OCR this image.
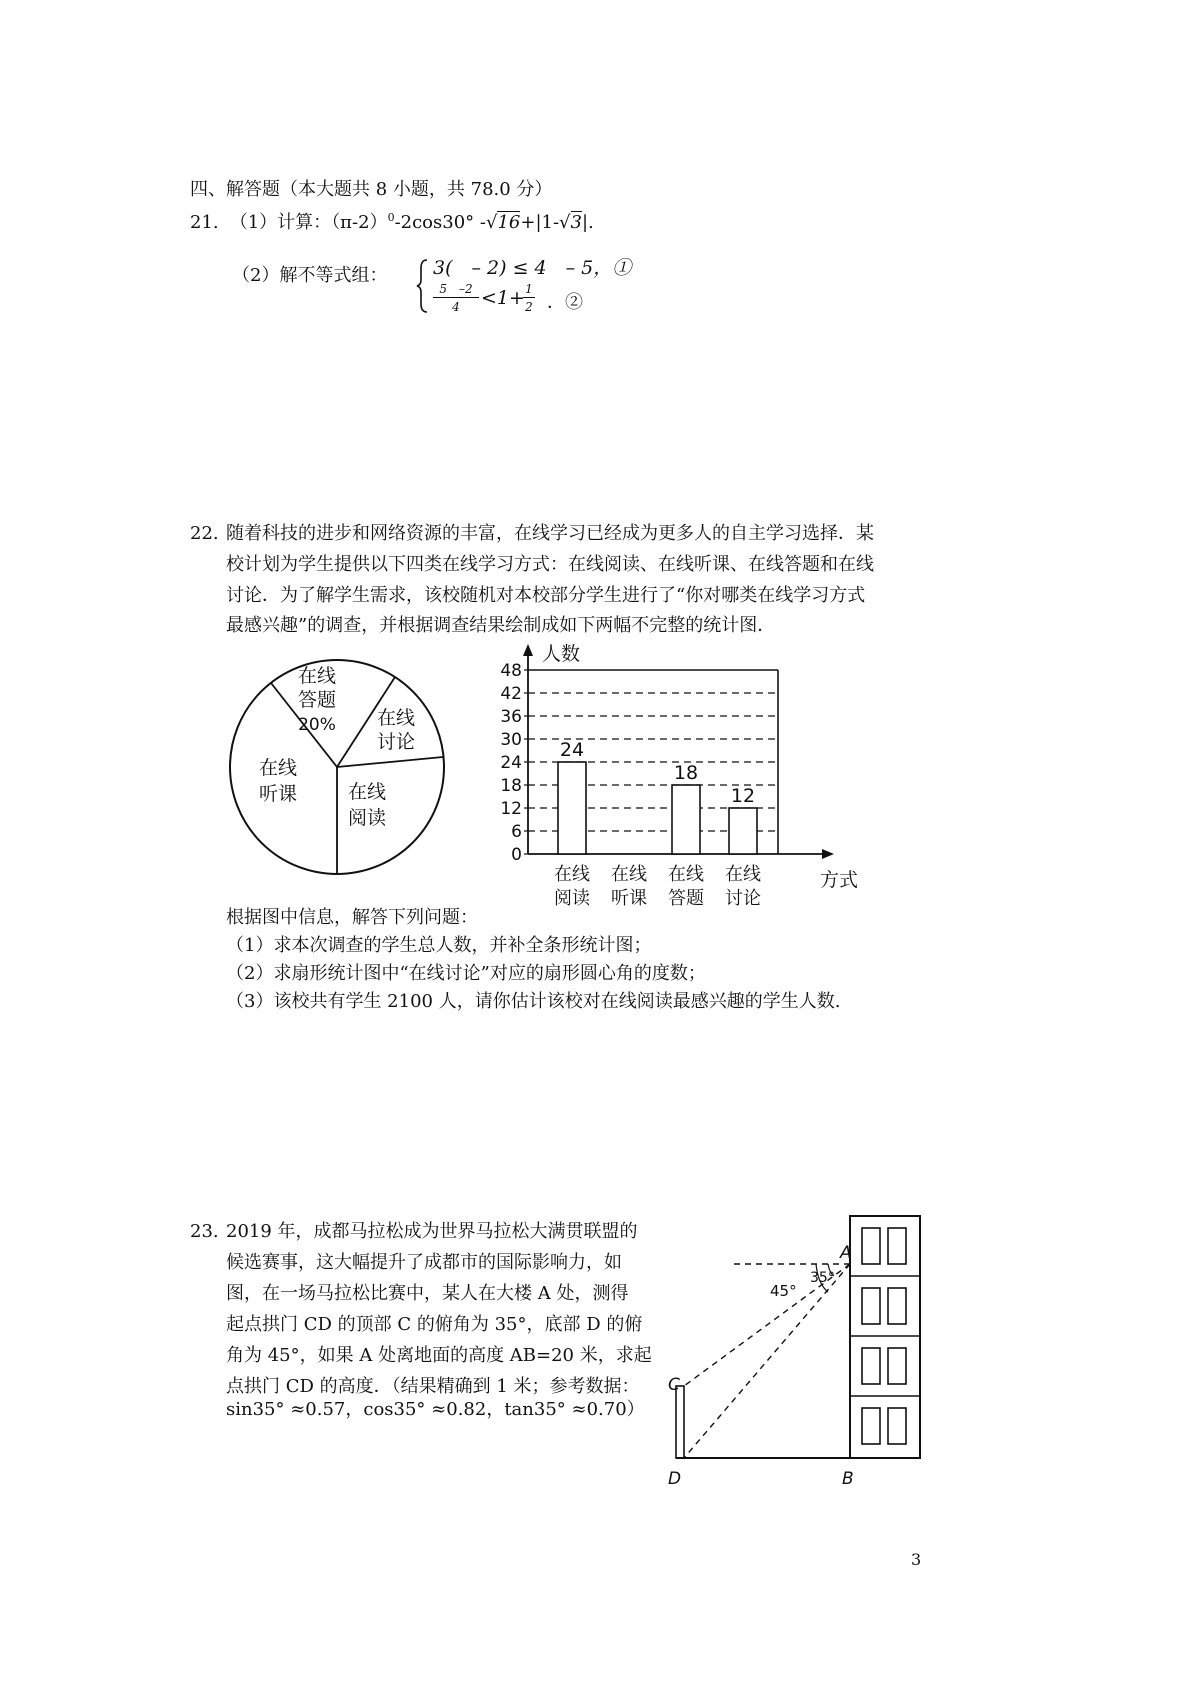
四、解答题（本大题共 8 小题，共 78.0 分）
21. （1）计算：$(\pi-2)^0-2\cos 30^\circ$ -√16+|1-√3|.
（2）解不等式组： 3(　– 2) ≤ 4　– 5，①
5　–2
4	<1+ 1
2 ．②
22. 随着科技的进步和网络资源的丰富，在线学习已经成为更多人的自主学习选择．某
校计划为学生提供以下四类在线学习方式：在线阅读、在线听课、在线答题和在线
讨论．为了解学生需求，该校随机对本校部分学生进行了“你对哪类在线学习方式
最感兴趣”的调查，并根据调查结果绘制成如下两幅不完整的统计图．
在线
答题
20% 在线
讨论
在线
阅读
在线
听课
0
6
12
18
24
30
36
42
48
人数
方式
24
在线
阅读
在线
听课
18
在线
答题
12
在线
讨论
根据图中信息，解答下列问题：
（1）求本次调查的学生总人数，并补全条形统计图；
（2）求扇形统计图中“在线讨论”对应的扇形圆心角的度数；
（3）该校共有学生 2100 人，请你估计该校对在线阅读最感兴趣的学生人数.
23. 2019 年，成都马拉松成为世界马拉松大满贯联盟的
候选赛事，这大幅提升了成都市的国际影响力，如
图，在一场马拉松比赛中，某人在大楼 A 处，测得
起点拱门 CD 的顶部 C 的俯角为 35°，底部 D 的俯
角为 45°，如果 A 处离地面的高度 AB=20 米，求起
点拱门 CD 的高度．（结果精确到 1 米；参考数据：
sin35° ≈0.57，cos35° ≈0.82，tan35° ≈0.70）
A
B
C
D
45°
35°
3
